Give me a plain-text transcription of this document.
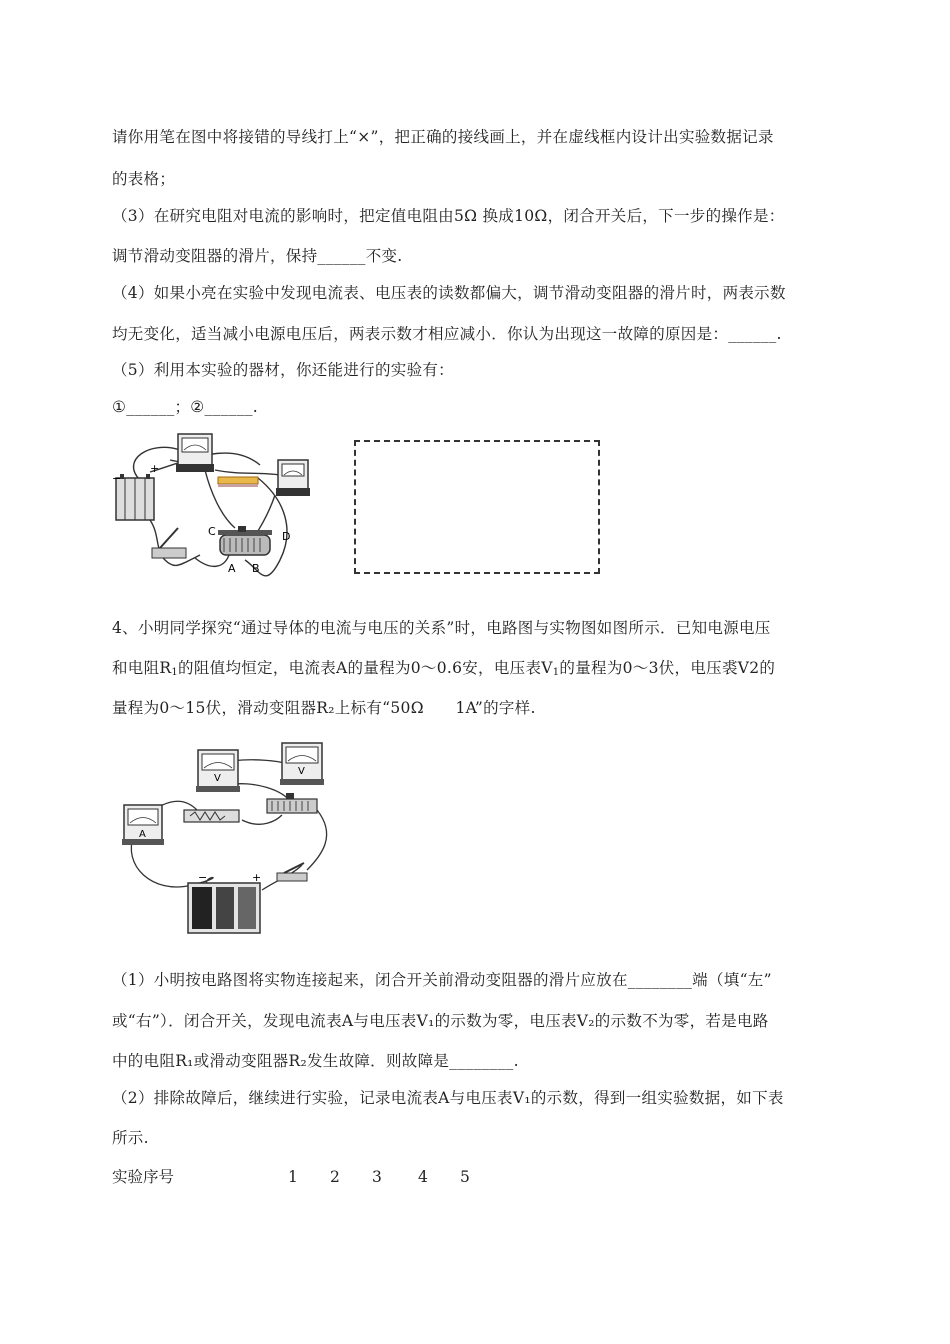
请你用笔在图中将接错的导线打上“×”，把正确的接线画上，并在虚线框内设计出实验数据记录
的表格；
（3）在研究电阻对电流的影响时，把定值电阻由5Ω 换成10Ω，闭合开关后，下一步的操作是：
调节滑动变阻器的滑片，保持______不变.
（4）如果小亮在实验中发现电流表、电压表的读数都偏大，调节滑动变阻器的滑片时，两表示数
均无变化，适当减小电源电压后，两表示数才相应减小．你认为出现这一故障的原因是：______.
（5）利用本实验的器材，你还能进行的实验有：
①______；②______.
−
+
C	D
A B
4、小明同学探究“通过导体的电流与电压的关系”时，电路图与实物图如图所示．已知电源电压
和电阻$R_1$的阻值均恒定，电流表A的量程为0～0.6安，电压表$V_1$的量程为0～3伏，电压裘V2的
量程为0～15伏，滑动变阻器R₂上标有“50Ω　　1A”的字样.
A
V
V
−	+
（1）小明按电路图将实物连接起来，闭合开关前滑动变阻器的滑片应放在________端（填“左”
或“右”）．闭合开关，发现电流表A与电压表V₁的示数为零，电压表V₂的示数不为零，若是电路
中的电阻R₁或滑动变阻器R₂发生故障．则故障是________.
（2）排除故障后，继续进行实验，记录电流表A与电压表V₁的示数，得到一组实验数据，如下表
所示.
实验序号	1 2 3 4 5
